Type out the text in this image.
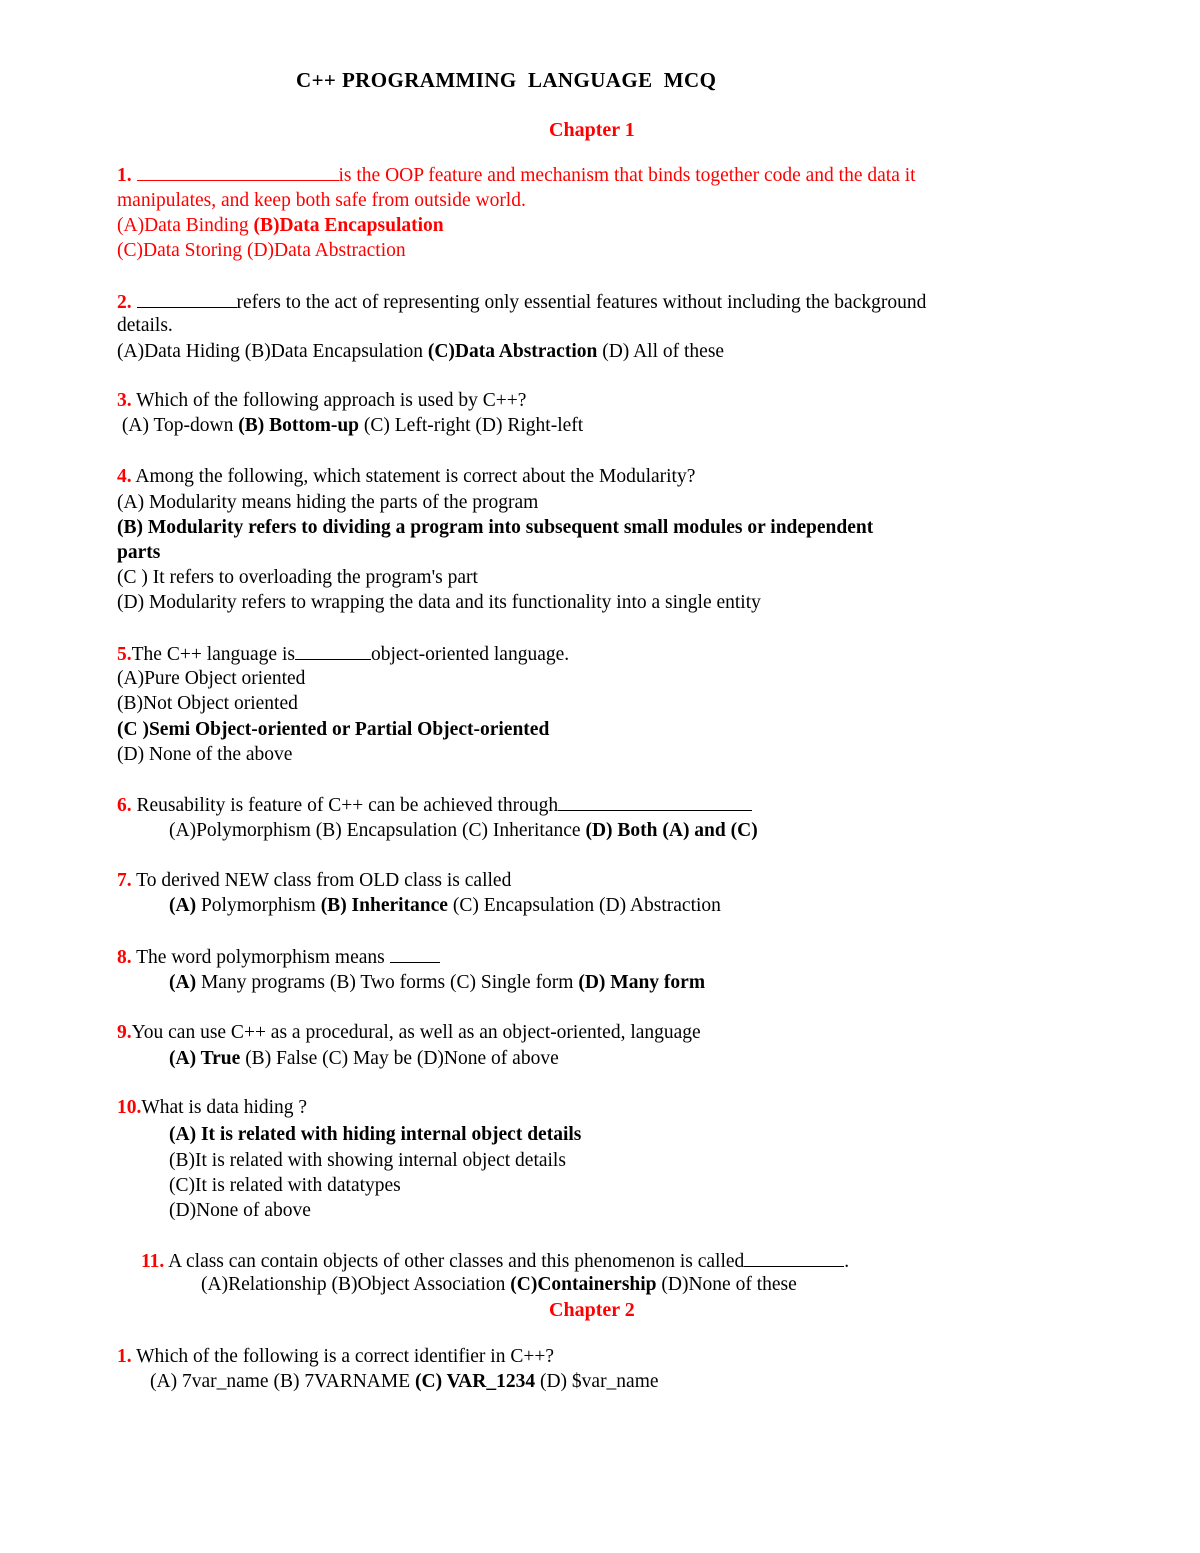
C++ PROGRAMMING  LANGUAGE  MCQ
Chapter 1
1.	is the OOP feature and mechanism that binds together code and the data it
manipulates, and keep both safe from outside world.
(A)Data Binding (B)Data Encapsulation
(C)Data Storing (D)Data Abstraction
2.	refers to the act of representing only essential features without including the background
details.
(A)Data Hiding (B)Data Encapsulation (C)Data Abstraction (D) All of these
3. Which of the following approach is used by C++?
(A) Top-down (B) Bottom-up (C) Left-right (D) Right-left
4. Among the following, which statement is correct about the Modularity?
(A) Modularity means hiding the parts of the program
(B) Modularity refers to dividing a program into subsequent small modules or independent
parts
(C ) It refers to overloading the program's part
(D) Modularity refers to wrapping the data and its functionality into a single entity
5.The C++ language is	object-oriented language.
(A)Pure Object oriented
(B)Not Object oriented
(C )Semi Object-oriented or Partial Object-oriented
(D) None of the above
6. Reusability is feature of C++ can be achieved through
(A)Polymorphism (B) Encapsulation (C) Inheritance (D) Both (A) and (C)
7. To derived NEW class from OLD class is called
(A) Polymorphism (B) Inheritance (C) Encapsulation (D) Abstraction
8. The word polymorphism means
(A) Many programs (B) Two forms (C) Single form (D) Many form
9.You can use C++ as a procedural, as well as an object-oriented, language
(A) True (B) False (C) May be (D)None of above
10.What is data hiding ?
(A) It is related with hiding internal object details
(B)It is related with showing internal object details
(C)It is related with datatypes
(D)None of above
11. A class can contain objects of other classes and this phenomenon is called	.
(A)Relationship (B)Object Association (C)Containership (D)None of these
Chapter 2
1. Which of the following is a correct identifier in C++?
(A) 7var_name (B) 7VARNAME (C) VAR_1234 (D) $var_name
